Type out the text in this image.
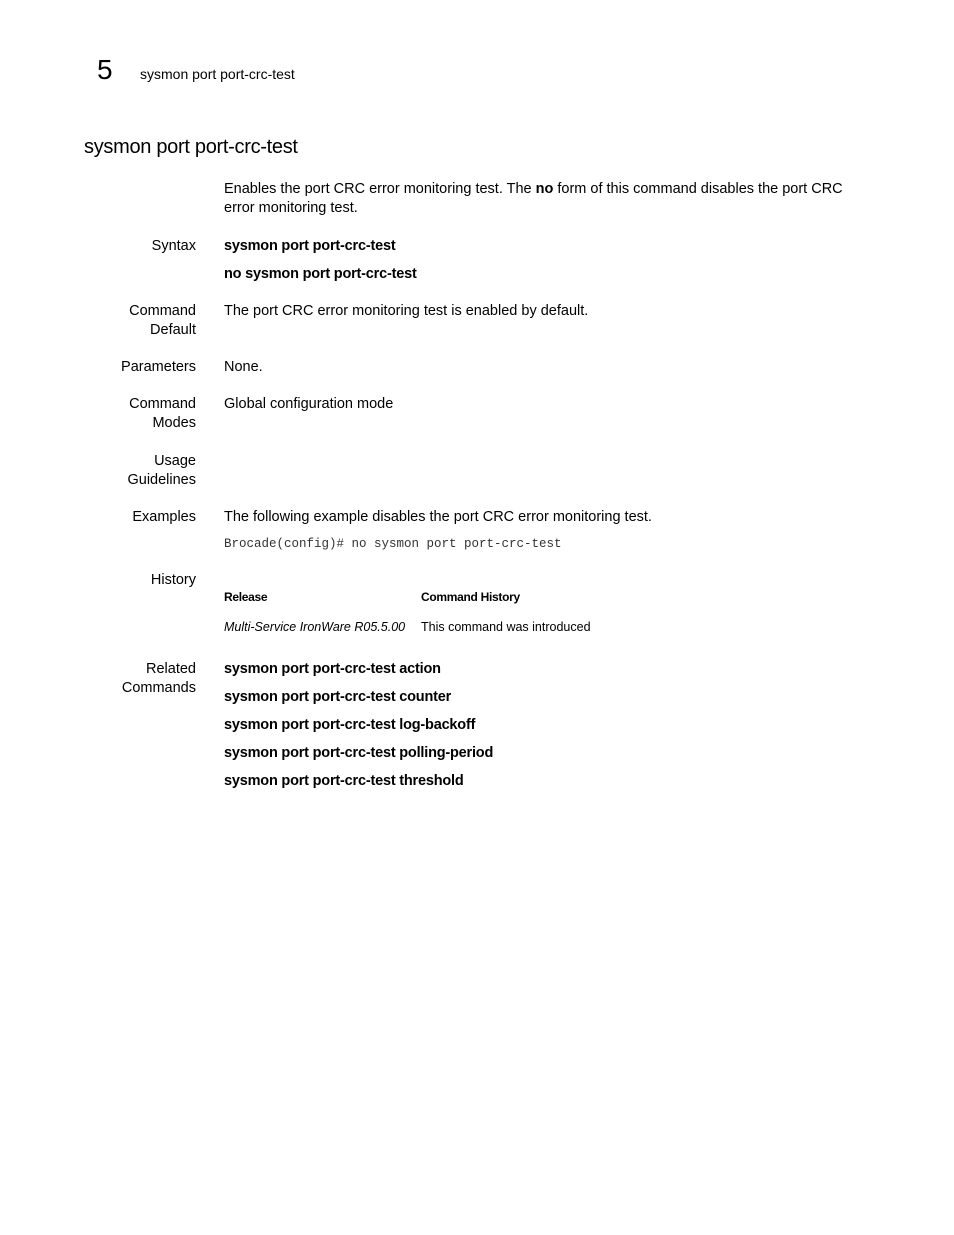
5 sysmon port port-crc-test
sysmon port port-crc-test
Enables the port CRC error monitoring test. The no form of this command disables the port CRC error monitoring test.
Syntax sysmon port port-crc-test
no sysmon port port-crc-test
Command
Default
The port CRC error monitoring test is enabled by default.
Parameters None.
Command
Modes
Global configuration mode
Usage
Guidelines
Examples The following example disables the port CRC error monitoring test.
Brocade(config)# no sysmon port port-crc-test
History
Release	Command History
Multi-Service IronWare R05.5.00 This command was introduced
Related
Commands
sysmon port port-crc-test action
sysmon port port-crc-test counter
sysmon port port-crc-test log-backoff
sysmon port port-crc-test polling-period
sysmon port port-crc-test threshold
